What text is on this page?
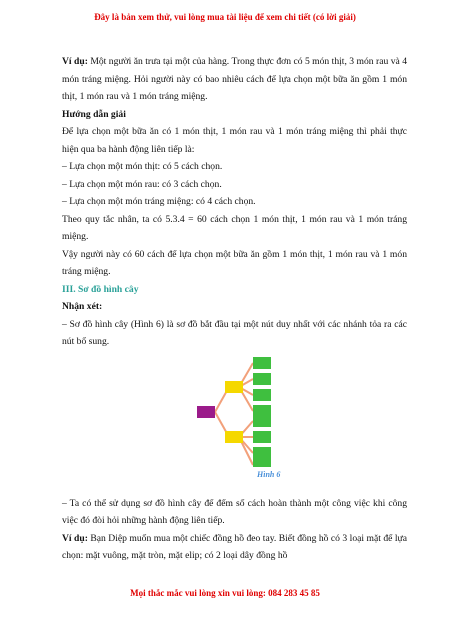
Đây là bản xem thử, vui lòng mua tài liệu để xem chi tiết (có lời giải)

Ví dụ: Một người ăn trưa tại một của hàng. Trong thực đơn có 5 món thịt, 3 món rau và 4 món tráng miệng. Hỏi người này có bao nhiêu cách để lựa chọn một bữa ăn gồm 1 món thịt, 1 món rau và 1 món tráng miệng.

Hướng dẫn giải

Để lựa chọn một bữa ăn có 1 món thịt, 1 món rau và 1 món tráng miệng thì phải thực hiện qua ba hành động liên tiếp là:

– Lựa chọn một món thịt: có 5 cách chọn.

– Lựa chọn một món rau: có 3 cách chọn.

– Lựa chọn một món tráng miệng: có 4 cách chọn.

Theo quy tắc nhân, ta có 5.3.4 = 60 cách chọn 1 món thịt, 1 món rau và 1 món tráng miệng.

Vậy người này có 60 cách để lựa chọn một bữa ăn gồm 1 món thịt, 1 món rau và 1 món tráng miệng.

III. Sơ đồ hình cây

Nhận xét:

– Sơ đồ hình cây (Hình 6) là sơ đồ bắt đầu tại một nút duy nhất với các nhánh tỏa ra các nút bổ sung.

Hình 6

– Ta có thể sử dụng sơ đồ hình cây để đếm số cách hoàn thành một công việc khi công việc đó đòi hỏi những hành động liên tiếp.

Ví dụ: Bạn Diệp muốn mua một chiếc đồng hồ đeo tay. Biết đồng hồ có 3 loại mặt để lựa chọn: mặt vuông, mặt tròn, mặt elip; có 2 loại dây đồng hồ

Mọi thắc mắc vui lòng xin vui lòng: 084 283 45 85
